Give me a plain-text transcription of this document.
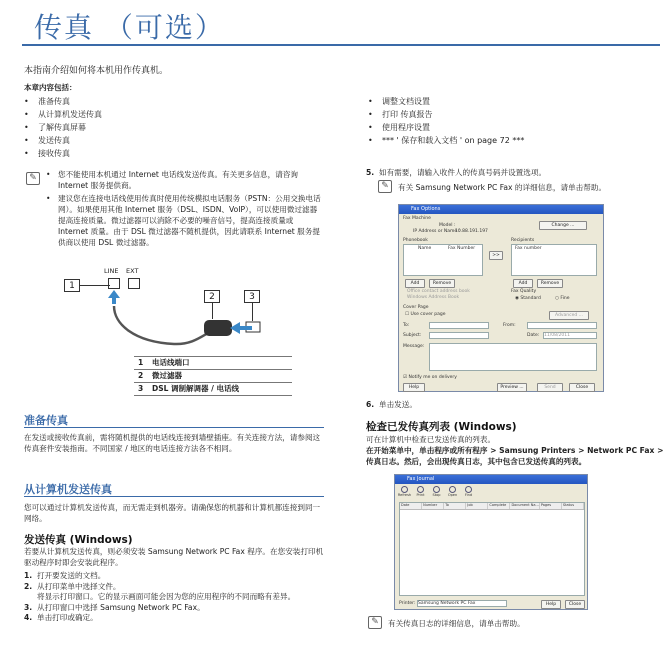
传真 （可选）
本指南介绍如何将本机用作传真机。
本章内容包括：
• 准备传真
• 从计算机发送传真
• 了解传真屏幕
• 发送传真
• 接收传真
• 调整文档设置
• 打印 传真报告
• 使用程序设置
• *** ' 保存和载入文档 ' on page 72 ***
✎	• 您不能使用本机通过 Internet 电话线发送传真。有关更多信息，请咨询 Internet 服务提供商。
• 建议您在连接电话线使用传真时使用传统模拟电话服务（PSTN：公用交换电话网）。如果使用其他 Internet 服务（DSL、ISDN、VoIP），可以使用微过滤器提高连接质量。微过滤器可以消除不必要的噪音信号，提高连接质量或 Internet 质量。由于 DSL 微过滤器不随机提供，因此请联系 Internet 服务提供商以使用 DSL 微过滤器。
1
LINE EXT
2	3
1 电话线端口
2 微过滤器
3 DSL 调制解调器 / 电话线
准备传真
在发送或接收传真前，需将随机提供的电话线连接到墙壁插座。有关连接方法，请参阅这传真套件安装指南。不同国家 / 地区的电话连接方法各不相同。
从计算机发送传真
您可以通过计算机发送传真，而无需走到机器旁。请确保您的机器和计算机都连接到同一网络。
发送传真 (Windows)
若要从计算机发送传真，则必须安装 Samsung Network PC Fax 程序。在您安装打印机驱动程序时即会安装此程序。
1. 打开要发送的文档。
2. 从打印菜单中选择文件。
将显示打印窗口。它的显示画面可能会因为您的应用程序的不同而略有差异。
3. 从打印窗口中选择 Samsung Network PC Fax。
4. 单击打印或确定。
5. 如有需要，请输入收件人的传真号码并设置选项。
✎	有关 Samsung Network PC Fax 的详细信息，请单击帮助。
Fax Options
Fax Machine
Model :
IP Address or Name :
10.88.191.197
Change ...
Phonebook
Name	Fax Number
>>
Recipients
Fax number
Add	Remove	Add	Remove
Office contact address book
Windows Address Book
Fax Quality
◉ Standard	○ Fine
Cover Page
☐ Use cover page	Advanced ...
To:	From:
Subject:	Date: 11/08/2011
Message:
☑ Notify me on delivery
Help	Preview ...	Send	Close
6. 单击发送。
检查已发传真列表 (Windows)
可在计算机中检查已发送传真的列表。
在开始菜单中，单击程序或所有程序 > Samsung Printers > Network PC Fax > 传真日志。然后，会出现传真日志，其中包含已发送传真的列表。
Fax Journal
Refresh	Print	Stop	Open	Find
Date	Number	To	Job	Complete	Document Na... Pages	Status
Printer: Samsung Network PC Fax	Help	Close
✎	有关传真日志的详细信息，请单击帮助。
